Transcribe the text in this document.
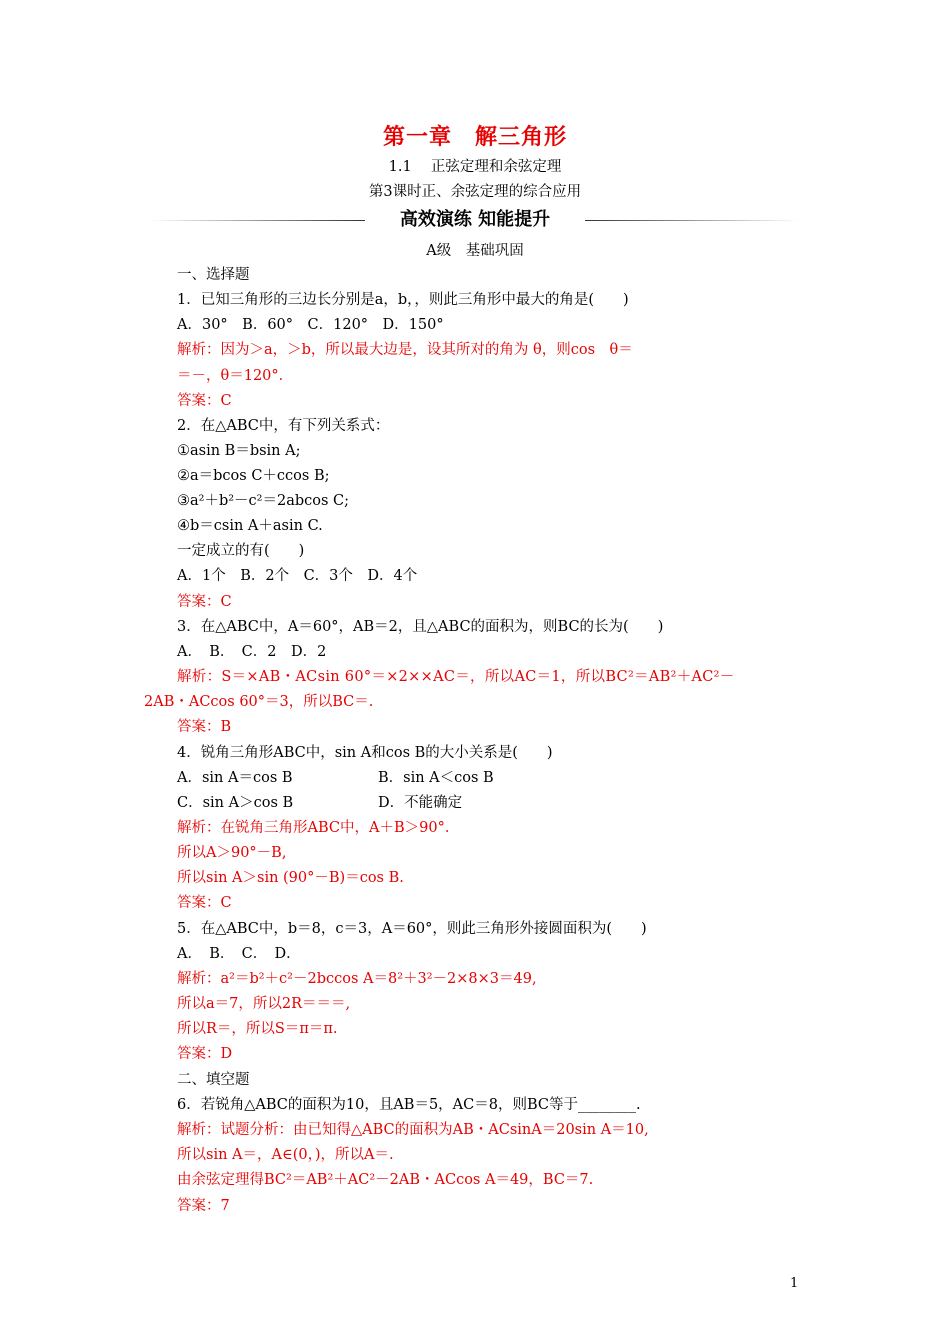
第一章　解三角形
1.1　 正弦定理和余弦定理
第3课时正、余弦定理的综合应用
高效演练 知能提升
A级　基础巩固
一、选择题
1．已知三角形的三边长分别是a，b，，则此三角形中最大的角是(　　)
A．30°　B．60°　C．120°　D．150°
解析：因为＞a，＞b，所以最大边是，设其所对的角为 θ，则cos　θ＝
＝－，θ＝120°．
答案：C
2．在△ABC中，有下列关系式：
①asin B＝bsin A;
②a＝bcos C＋ccos B;
③a²＋b²－c²＝2abcos C;
④b＝csin A＋asin C.
一定成立的有(　　)
A．1个　B．2个　C．3个　D．4个
答案：C
3．在△ABC中，A＝60°，AB＝2，且△ABC的面积为，则BC的长为(　　)
A．　B．　C．2　D．2
解析：S＝×AB・ACsin 60°＝×2××AC＝，所以AC＝1，所以BC²＝AB²＋AC²－
2AB・ACcos 60°＝3，所以BC＝.
答案：B
4．锐角三角形ABC中，sin A和cos B的大小关系是(　　)
A．sin A＝cos B	B．sin A＜cos B
C．sin A＞cos B	D．不能确定
解析：在锐角三角形ABC中，A＋B＞90°．
所以A＞90°－B,
所以sin A＞sin (90°－B)＝cos B.
答案：C
5．在△ABC中，b＝8，c＝3，A＝60°，则此三角形外接圆面积为(　　)
A．　B．　C．　D．
解析：a²＝b²＋c²－2bccos A＝8²＋3²－2×8×3＝49,
所以a＝7，所以2R＝＝＝,
所以R＝，所以S＝π＝π.
答案：D
二、填空题
6．若锐角△ABC的面积为10，且AB＝5，AC＝8，则BC等于________.
解析：试题分析：由已知得△ABC的面积为AB・ACsinA＝20sin A＝10,
所以sin A＝，A∈(0，)，所以A＝.
由余弦定理得BC²＝AB²＋AC²－2AB・ACcos A＝49，BC＝7.
答案：7
1
